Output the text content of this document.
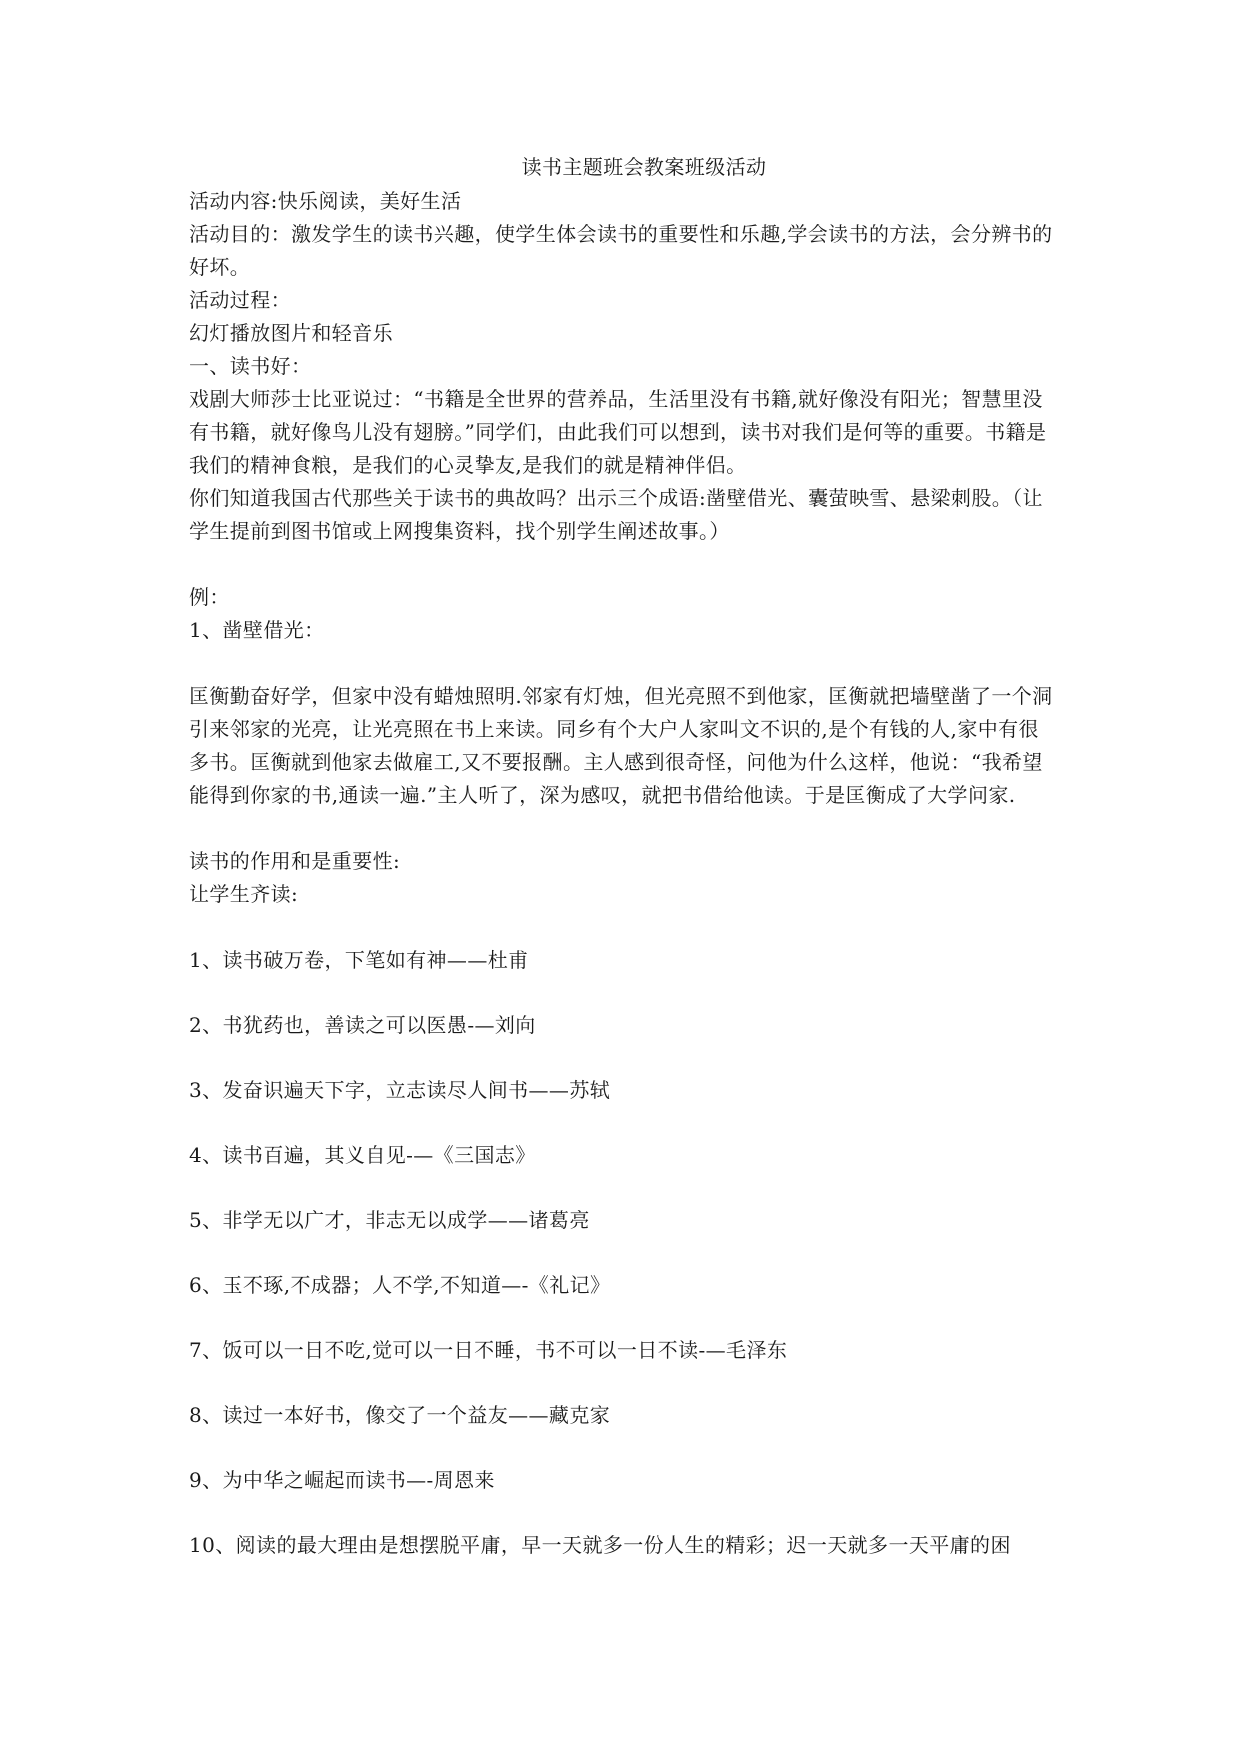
读书主题班会教案班级活动

活动内容:快乐阅读，美好生活

活动目的：激发学生的读书兴趣，使学生体会读书的重要性和乐趣,学会读书的方法，会分辨书的好坏。

活动过程：

幻灯播放图片和轻音乐

一、读书好：

戏剧大师莎士比亚说过：“书籍是全世界的营养品，生活里没有书籍,就好像没有阳光；智慧里没有书籍，就好像鸟儿没有翅膀。”同学们，由此我们可以想到，读书对我们是何等的重要。书籍是我们的精神食粮，是我们的心灵挚友,是我们的就是精神伴侣。

你们知道我国古代那些关于读书的典故吗？出示三个成语:凿壁借光、囊萤映雪、悬梁刺股。（让学生提前到图书馆或上网搜集资料，找个别学生阐述故事。）

例：

1、凿壁借光：

匡衡勤奋好学，但家中没有蜡烛照明.邻家有灯烛，但光亮照不到他家，匡衡就把墙壁凿了一个洞引来邻家的光亮，让光亮照在书上来读。同乡有个大户人家叫文不识的,是个有钱的人,家中有很多书。匡衡就到他家去做雇工,又不要报酬。主人感到很奇怪，问他为什么这样，他说：“我希望能得到你家的书,通读一遍.”主人听了，深为感叹，就把书借给他读。于是匡衡成了大学问家.

读书的作用和是重要性:

让学生齐读:

1、读书破万卷，下笔如有神——杜甫

2、书犹药也，善读之可以医愚-—刘向

3、发奋识遍天下字，立志读尽人间书——苏轼

4、读书百遍，其义自见-—《三国志》

5、非学无以广才，非志无以成学——诸葛亮

6、玉不琢,不成器；人不学,不知道—-《礼记》

7、饭可以一日不吃,觉可以一日不睡，书不可以一日不读-—毛泽东

8、读过一本好书，像交了一个益友——藏克家

9、为中华之崛起而读书—-周恩来

10、阅读的最大理由是想摆脱平庸，早一天就多一份人生的精彩；迟一天就多一天平庸的困
